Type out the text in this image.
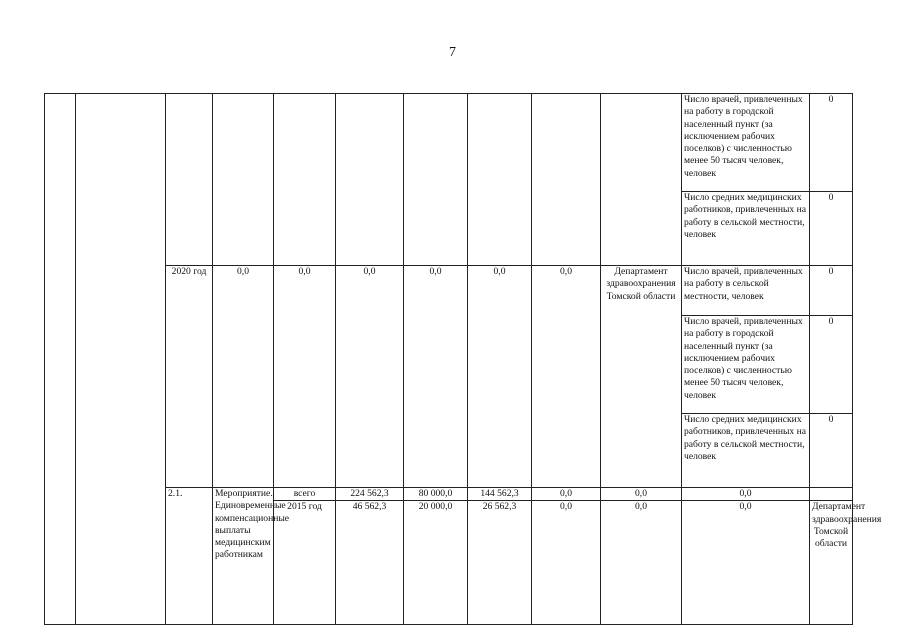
7
										Число врачей, привлеченных на работу в городской населенный пункт (за исключением рабочих поселков) с численностью менее 50 тысяч человек, человек	0	
										Число средних медицинских работников, привлеченных на работу в сельской местности, человек	0	
		2020 год	0,0	0,0	0,0	0,0	0,0	0,0	Департамент здравоохранения Томской области	Число врачей, привлеченных на работу в сельской местности, человек	0	
										Число врачей, привлеченных на работу в городской населенный пункт (за исключением рабочих поселков) с численностью менее 50 тысяч человек, человек	0	
										Число средних медицинских работников, привлеченных на работу в сельской местности, человек	0	
		2.1.	Мероприятие. Единовременные компенсационные выплаты медицинским работникам	всего	224 562,3	80 000,0	144 562,3	0,0	0,0	0,0			
				2015 год	46 562,3	20 000,0	26 562,3	0,0	0,0	0,0	Департамент здравоохранения Томской области		
